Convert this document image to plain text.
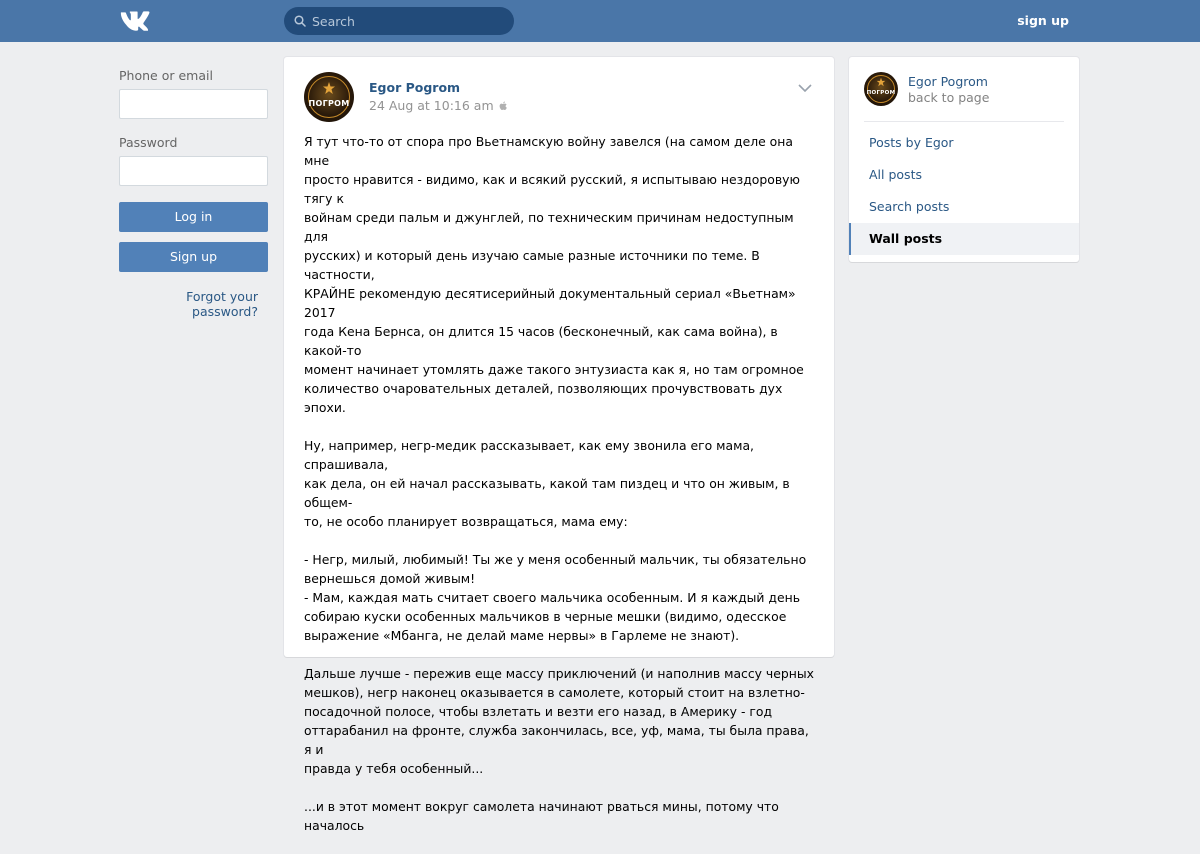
Search
sign up
Phone or email
Password
Log in
Sign up
Forgot your password?
ПОГРОМ
Egor Pogrom
24 Aug at 10:16 am

Я тут что-то от спора про Вьетнамскую войну завелся (на самом деле она мне
просто нравится - видимо, как и всякий русский, я испытываю нездоровую тягу к
войнам среди пальм и джунглей, по техническим причинам недоступным для
русских) и который день изучаю самые разные источники по теме. В частности,
КРАЙНЕ рекомендую десятисерийный документальный сериал «Вьетнам» 2017
года Кена Бернса, он длится 15 часов (бесконечный, как сама война), в какой-то
момент начинает утомлять даже такого энтузиаста как я, но там огромное
количество очаровательных деталей, позволяющих прочувствовать дух эпохи.

Ну, например, негр-медик рассказывает, как ему звонила его мама, спрашивала,
как дела, он ей начал рассказывать, какой там пиздец и что он живым, в общем-
то, не особо планирует возвращаться, мама ему:

- Негр, милый, любимый! Ты же у меня особенный мальчик, ты обязательно
вернешься домой живым!
- Мам, каждая мать считает своего мальчика особенным. И я каждый день
собираю куски особенных мальчиков в черные мешки (видимо, одесское
выражение «Мбанга, не делай маме нервы» в Гарлеме не знают).

Дальше лучше - пережив еще массу приключений (и наполнив массу черных
мешков), негр наконец оказывается в самолете, который стоит на взлетно-
посадочной полосе, чтобы взлетать и везти его назад, в Америку - год
оттарабанил на фронте, служба закончилась, все, уф, мама, ты была права, я и
правда у тебя особенный...

...и в этот момент вокруг самолета начинают рваться мины, потому что началось

ПОГРОМ
Egor Pogrom
back to page
Posts by Egor
All posts
Search posts
Wall posts
